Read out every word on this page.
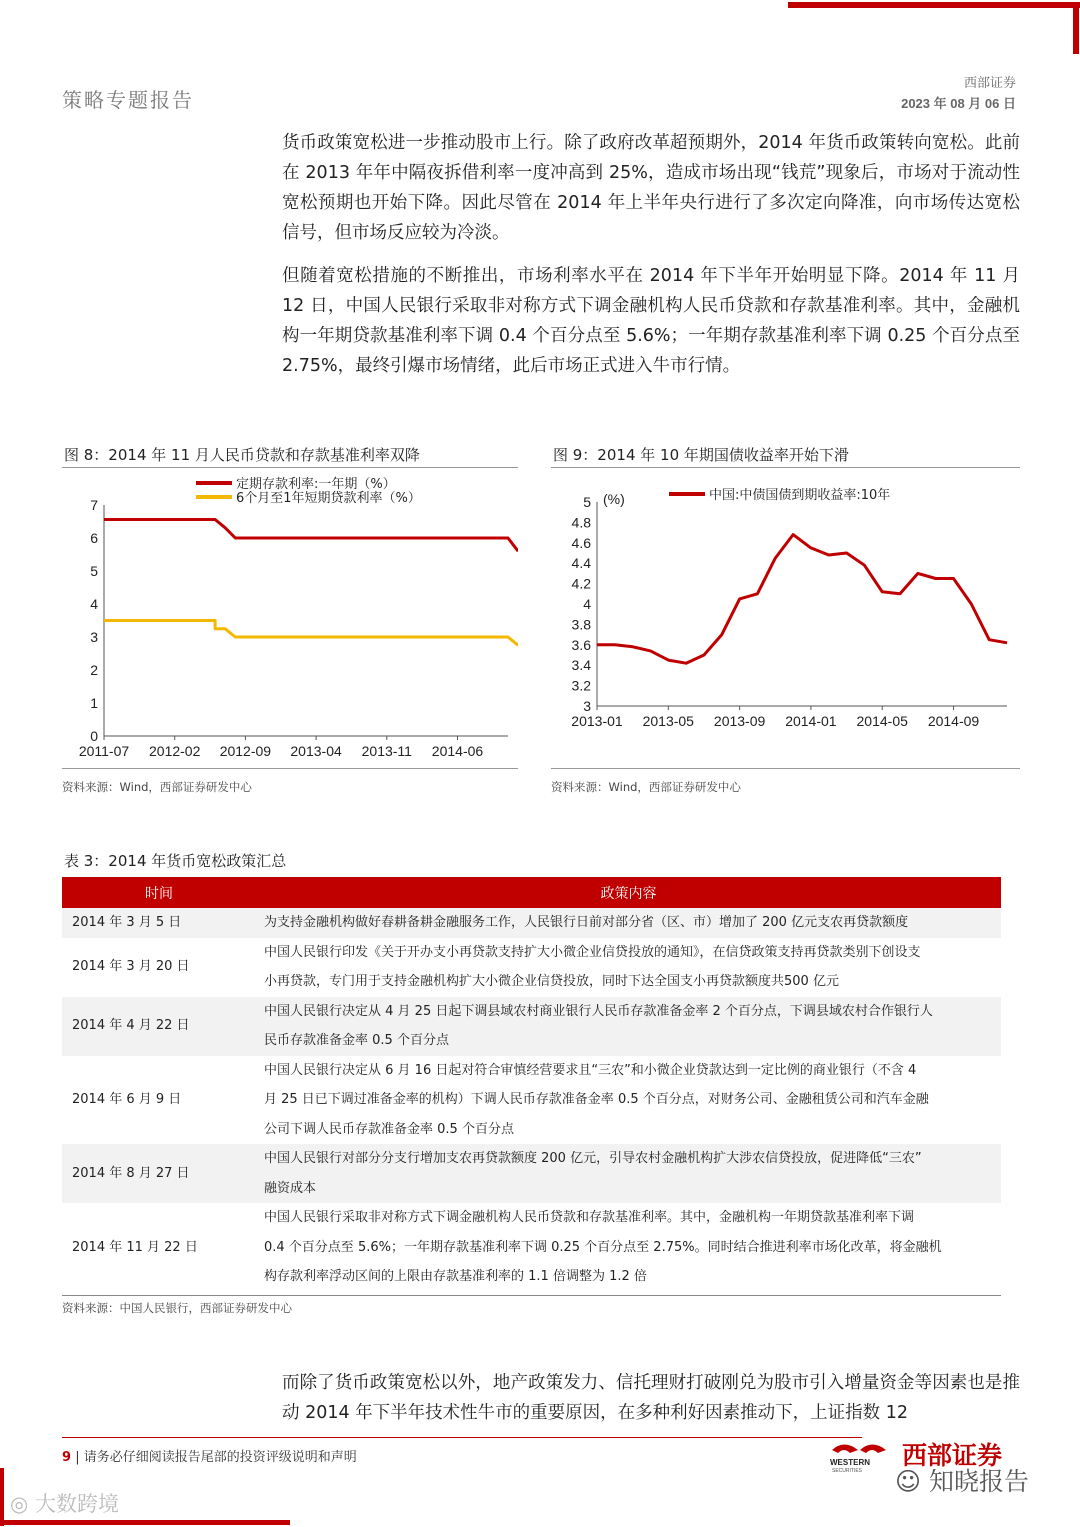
策略专题报告
西部证券
2023 年 08 月 06 日

货币政策宽松进一步推动股市上行。除了政府改革超预期外，2014 年货币政策转向宽松。此前在 2013 年年中隔夜拆借利率一度冲高到 25%，造成市场出现“钱荒”现象后，市场对于流动性宽松预期也开始下降。因此尽管在 2014 年上半年央行进行了多次定向降准，向市场传达宽松信号，但市场反应较为冷淡。

但随着宽松措施的不断推出，市场利率水平在 2014 年下半年开始明显下降。2014 年 11 月 12 日，中国人民银行采取非对称方式下调金融机构人民币贷款和存款基准利率。其中，金融机构一年期贷款基准利率下调 0.4 个百分点至 5.6%；一年期存款基准利率下调 0.25 个百分点至 2.75%，最终引爆市场情绪，此后市场正式进入牛市行情。

图 8：2014 年 11 月人民币贷款和存款基准利率双降
0
1
2
3
4
5
6
7
2011-07 2012-02 2012-09 2013-04 2013-11 2014-06
定期存款利率:一年期（%）
6个月至1年短期贷款利率（%）
资料来源：Wind，西部证券研发中心
图 9：2014 年 10 年期国债收益率开始下滑
3
3.2
3.4
3.6
3.8
4
4.2
4.4
4.6
4.8
5
2013-01 2013-05 2013-09 2014-01 2014-05 2014-09
中国:中债国债到期收益率:10年
(%)
资料来源：Wind，西部证券研发中心
表 3：2014 年货币宽松政策汇总
时间	政策内容
2014 年 3 月 5 日	为支持金融机构做好春耕备耕金融服务工作，人民银行日前对部分省（区、市）增加了 200 亿元支农再贷款额度

2014 年 3 月 20 日	中国人民银行印发《关于开办支小再贷款支持扩大小微企业信贷投放的通知》，在信贷政策支持再贷款类别下创设支
小再贷款，专门用于支持金融机构扩大小微企业信贷投放，同时下达全国支小再贷款额度共500 亿元

2014 年 4 月 22 日	中国人民银行决定从 4 月 25 日起下调县域农村商业银行人民币存款准备金率 2 个百分点，下调县域农村合作银行人
民币存款准备金率 0.5 个百分点

2014 年 6 月 9 日	中国人民银行决定从 6 月 16 日起对符合审慎经营要求且“三农”和小微企业贷款达到一定比例的商业银行（不含 4
月 25 日已下调过准备金率的机构）下调人民币存款准备金率 0.5 个百分点，对财务公司、金融租赁公司和汽车金融
公司下调人民币存款准备金率 0.5 个百分点

2014 年 8 月 27 日	中国人民银行对部分分支行增加支农再贷款额度 200 亿元，引导农村金融机构扩大涉农信贷投放，促进降低“三农”
融资成本

2014 年 11 月 22 日	中国人民银行采取非对称方式下调金融机构人民币贷款和存款基准利率。其中，金融机构一年期贷款基准利率下调
0.4 个百分点至 5.6%；一年期存款基准利率下调 0.25 个百分点至 2.75%。同时结合推进利率市场化改革，将金融机
构存款利率浮动区间的上限由存款基准利率的 1.1 倍调整为 1.2 倍
资料来源：中国人民银行，西部证券研发中心

而除了货币政策宽松以外，地产政策发力、信托理财打破刚兑为股市引入增量资金等因素也是推动 2014 年下半年技术性牛市的重要原因，在多种利好因素推动下，上证指数 12

9 | 请务必仔细阅读报告尾部的投资评级说明和声明	WESTERN
SECURITIES
西部证券
☺ 知晓报告
◎ 大数跨境
